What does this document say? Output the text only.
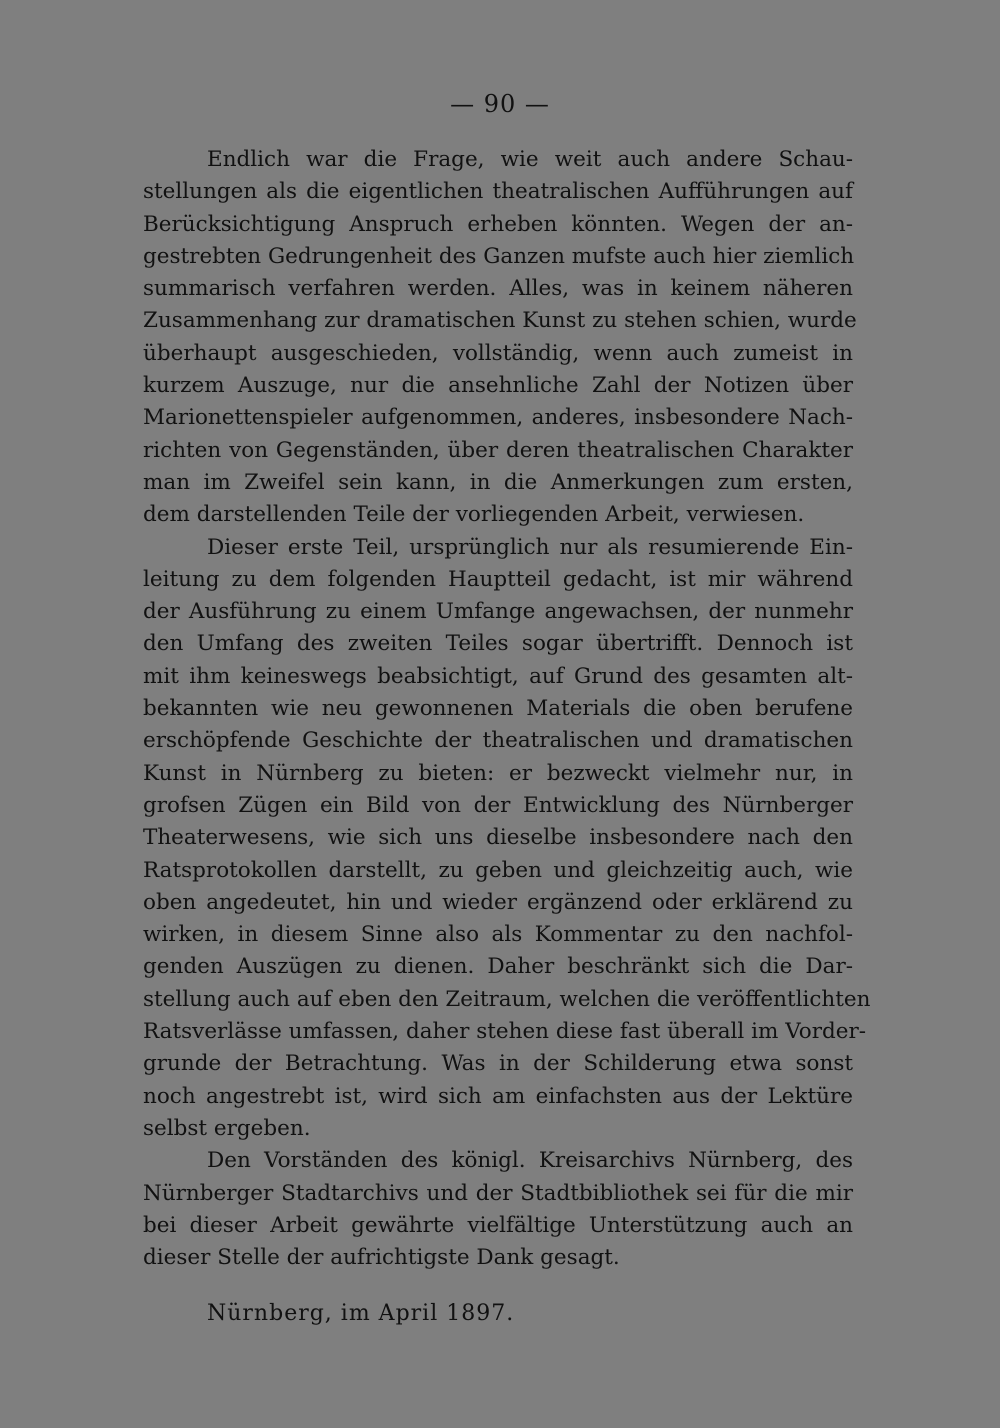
— 90 —
Endlich war die Frage, wie weit auch andere Schau-
stellungen als die eigentlichen theatralischen Aufführungen auf
Berücksichtigung Anspruch erheben könnten. Wegen der an-
gestrebten Gedrungenheit des Ganzen mufste auch hier ziemlich
summarisch verfahren werden. Alles, was in keinem näheren
Zusammenhang zur dramatischen Kunst zu stehen schien, wurde
überhaupt ausgeschieden, vollständig, wenn auch zumeist in
kurzem Auszuge, nur die ansehnliche Zahl der Notizen über
Marionettenspieler aufgenommen, anderes, insbesondere Nach-
richten von Gegenständen, über deren theatralischen Charakter
man im Zweifel sein kann, in die Anmerkungen zum ersten,
dem darstellenden Teile der vorliegenden Arbeit, verwiesen.
Dieser erste Teil, ursprünglich nur als resumierende Ein-
leitung zu dem folgenden Hauptteil gedacht, ist mir während
der Ausführung zu einem Umfange angewachsen, der nunmehr
den Umfang des zweiten Teiles sogar übertrifft. Dennoch ist
mit ihm keineswegs beabsichtigt, auf Grund des gesamten alt-
bekannten wie neu gewonnenen Materials die oben berufene
erschöpfende Geschichte der theatralischen und dramatischen
Kunst in Nürnberg zu bieten: er bezweckt vielmehr nur, in
grofsen Zügen ein Bild von der Entwicklung des Nürnberger
Theaterwesens, wie sich uns dieselbe insbesondere nach den
Ratsprotokollen darstellt, zu geben und gleichzeitig auch, wie
oben angedeutet, hin und wieder ergänzend oder erklärend zu
wirken, in diesem Sinne also als Kommentar zu den nachfol-
genden Auszügen zu dienen. Daher beschränkt sich die Dar-
stellung auch auf eben den Zeitraum, welchen die veröffentlichten
Ratsverlässe umfassen, daher stehen diese fast überall im Vorder-
grunde der Betrachtung. Was in der Schilderung etwa sonst
noch angestrebt ist, wird sich am einfachsten aus der Lektüre
selbst ergeben.
Den Vorständen des königl. Kreisarchivs Nürnberg, des
Nürnberger Stadtarchivs und der Stadtbibliothek sei für die mir
bei dieser Arbeit gewährte vielfältige Unterstützung auch an
dieser Stelle der aufrichtigste Dank gesagt.
Nürnberg, im April 1897.
